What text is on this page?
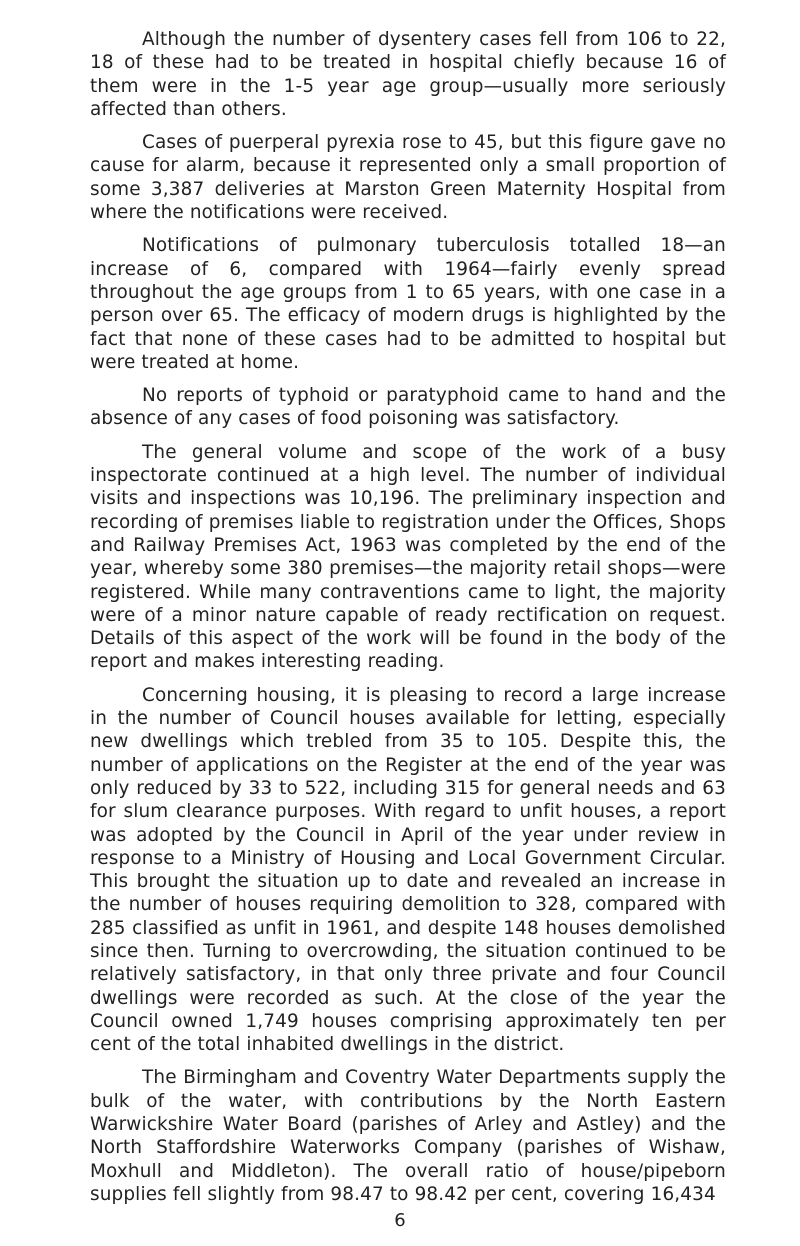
Although the number of dysentery cases fell from 106 to 22, 18 of these had to be treated in hospital chiefly because 16 of them were in the 1-5 year age group—usually more seriously affected than others.

Cases of puerperal pyrexia rose to 45, but this figure gave no cause for alarm, because it represented only a small proportion of some 3,387 deliveries at Marston Green Maternity Hospital from where the notifications were received.

Notifications of pulmonary tuberculosis totalled 18—an increase of 6, compared with 1964—fairly evenly spread throughout the age groups from 1 to 65 years, with one case in a person over 65. The efficacy of modern drugs is highlighted by the fact that none of these cases had to be admitted to hospital but were treated at home.

No reports of typhoid or paratyphoid came to hand and the absence of any cases of food poisoning was satisfactory.

The general volume and scope of the work of a busy inspectorate continued at a high level. The number of individual visits and inspections was 10,196. The preliminary inspection and recording of premises liable to registration under the Offices, Shops and Railway Premises Act, 1963 was completed by the end of the year, whereby some 380 premises—the majority retail shops—were registered. While many contraventions came to light, the majority were of a minor nature capable of ready rectification on request. Details of this aspect of the work will be found in the body of the report and makes interesting reading.

Concerning housing, it is pleasing to record a large increase in the number of Council houses available for letting, especially new dwellings which trebled from 35 to 105. Despite this, the number of applications on the Register at the end of the year was only reduced by 33 to 522, including 315 for general needs and 63 for slum clearance purposes. With regard to unfit houses, a report was adopted by the Council in April of the year under review in response to a Ministry of Housing and Local Government Circular. This brought the situation up to date and revealed an increase in the number of houses requiring demolition to 328, compared with 285 classified as unfit in 1961, and despite 148 houses demolished since then. Turning to overcrowding, the situation continued to be relatively satisfactory, in that only three private and four Council dwellings were recorded as such. At the close of the year the Council owned 1,749 houses comprising approximately ten per cent of the total inhabited dwellings in the district.

The Birmingham and Coventry Water Departments supply the bulk of the water, with contributions by the North Eastern Warwickshire Water Board (parishes of Arley and Astley) and the North Staffordshire Waterworks Company (parishes of Wishaw, Moxhull and Middleton). The overall ratio of house/pipeborn supplies fell slightly from 98.47 to 98.42 per cent, covering 16,434

6
